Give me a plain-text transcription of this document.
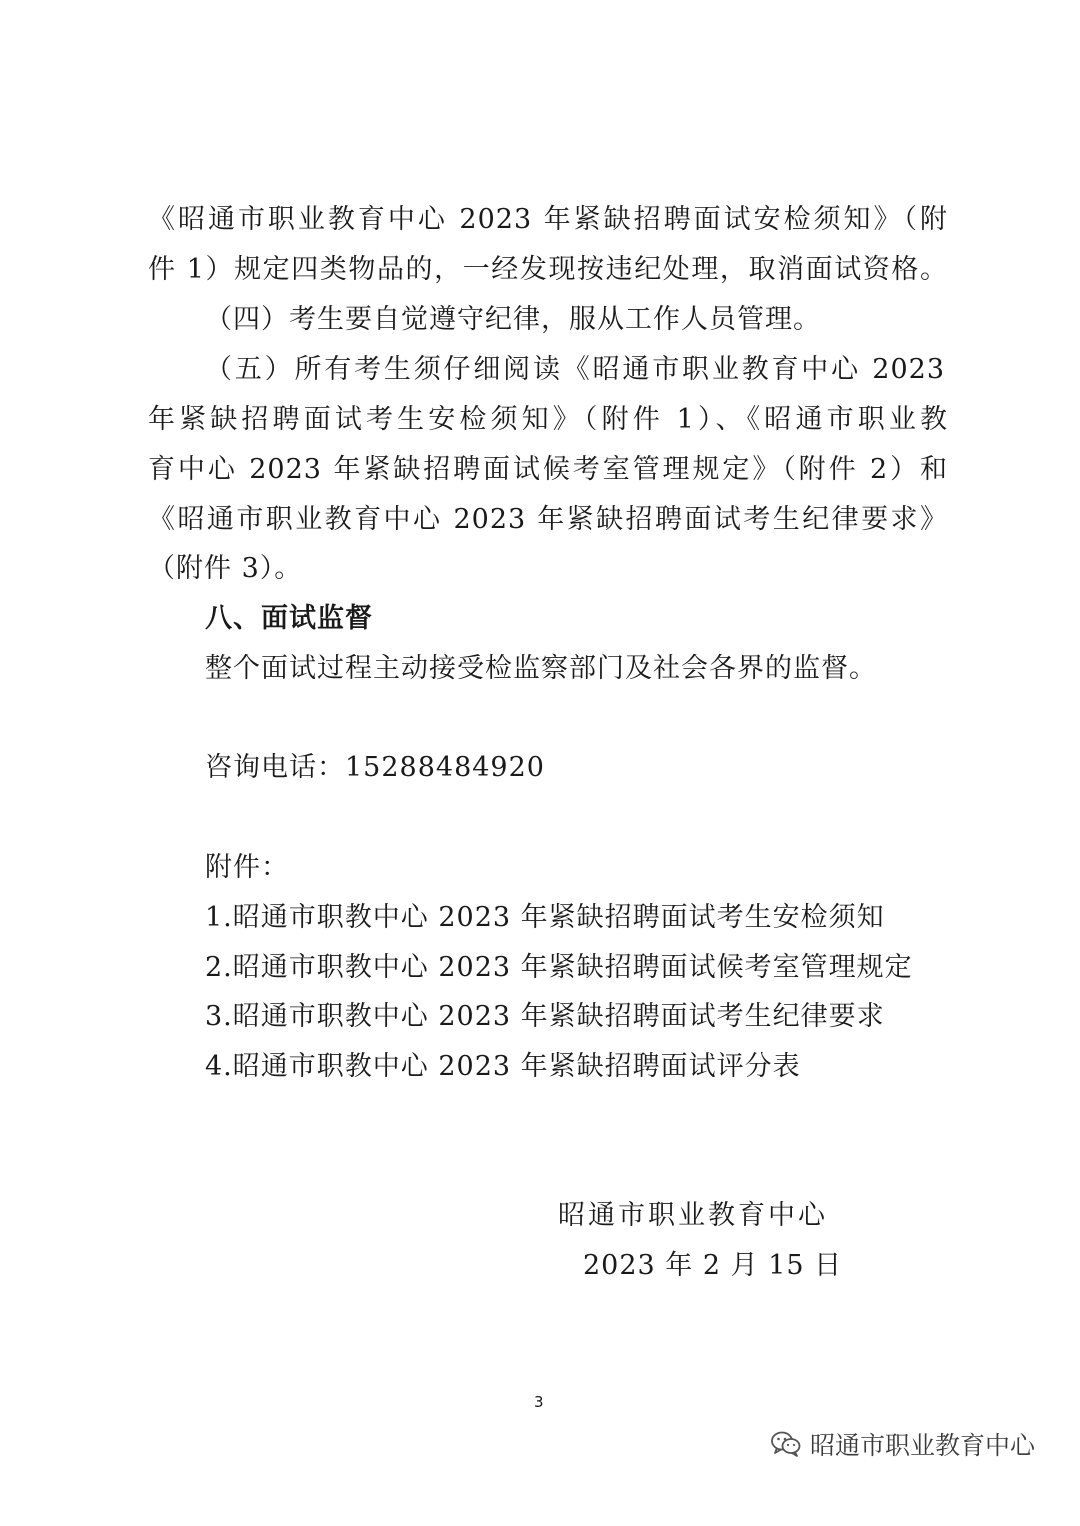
《昭通市职业教育中心 2023 年紧缺招聘面试安检须知》（附
件 1）规定四类物品的，一经发现按违纪处理，取消面试资格。
（四）考生要自觉遵守纪律，服从工作人员管理。
（五）所有考生须仔细阅读《昭通市职业教育中心 2023
年紧缺招聘面试考生安检须知》（附件 1）、《昭通市职业教
育中心 2023 年紧缺招聘面试候考室管理规定》（附件 2）和
《昭通市职业教育中心 2023 年紧缺招聘面试考生纪律要求》
（附件 3）。
八、面试监督
整个面试过程主动接受检监察部门及社会各界的监督。
咨询电话：15288484920
附件：
1.昭通市职教中心 2023 年紧缺招聘面试考生安检须知
2.昭通市职教中心 2023 年紧缺招聘面试候考室管理规定
3.昭通市职教中心 2023 年紧缺招聘面试考生纪律要求
4.昭通市职教中心 2023 年紧缺招聘面试评分表
昭通市职业教育中心
2023 年 2 月 15 日
3
昭通市职业教育中心
